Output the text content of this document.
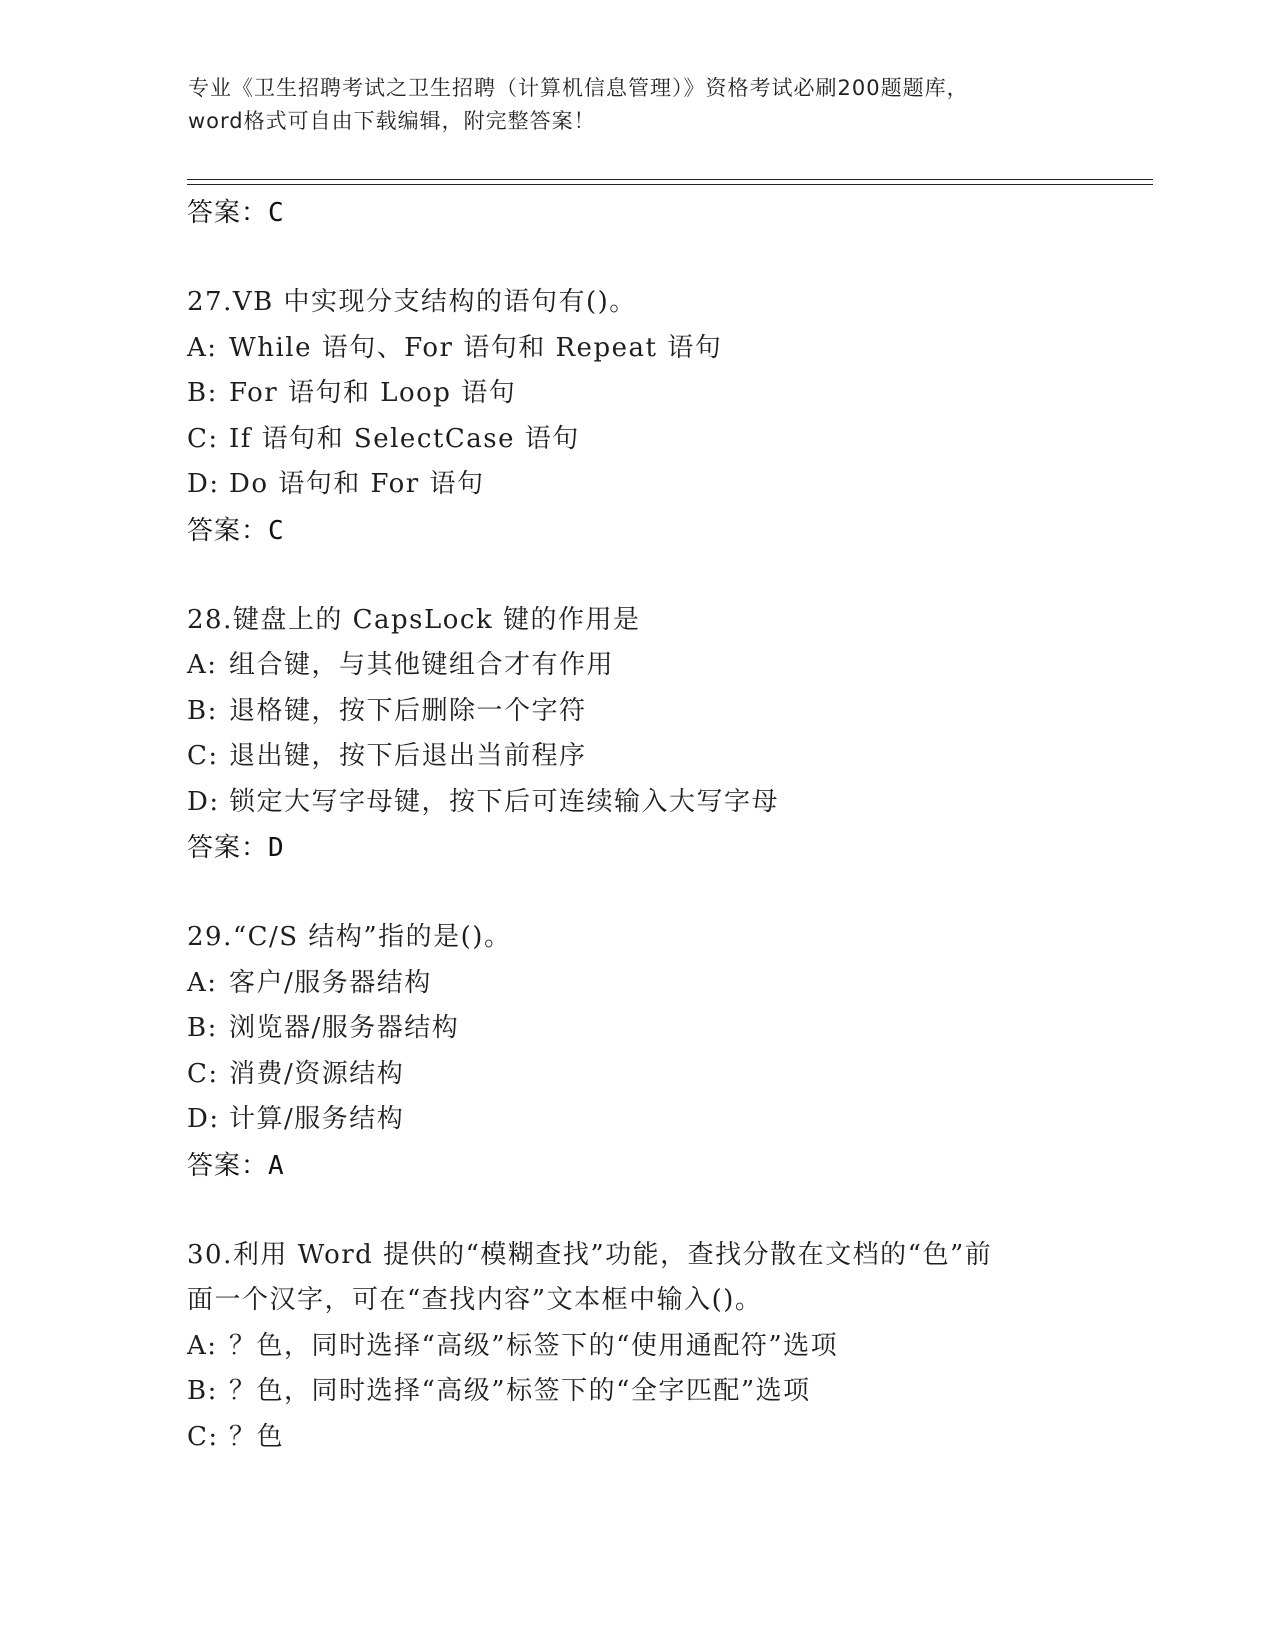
专业《卫生招聘考试之卫生招聘（计算机信息管理）》资格考试必刷200题题库，
word格式可自由下载编辑，附完整答案！
答案：C
27.VB 中实现分支结构的语句有()。
A: While 语句、For 语句和 Repeat 语句
B: For 语句和 Loop 语句
C: If 语句和 SelectCase 语句
D: Do 语句和 For 语句
答案：C
28.键盘上的 CapsLock 键的作用是
A: 组合键，与其他键组合才有作用
B: 退格键，按下后删除一个字符
C: 退出键，按下后退出当前程序
D: 锁定大写字母键，按下后可连续输入大写字母
答案：D
29.“C/S 结构”指的是()。
A: 客户/服务器结构
B: 浏览器/服务器结构
C: 消费/资源结构
D: 计算/服务结构
答案：A
30.利用 Word 提供的“模糊查找”功能，查找分散在文档的“色”前
面一个汉字，可在“查找内容”文本框中输入()。
A: ？色，同时选择“高级”标签下的“使用通配符”选项
B: ？色，同时选择“高级”标签下的“全字匹配”选项
C: ？色
